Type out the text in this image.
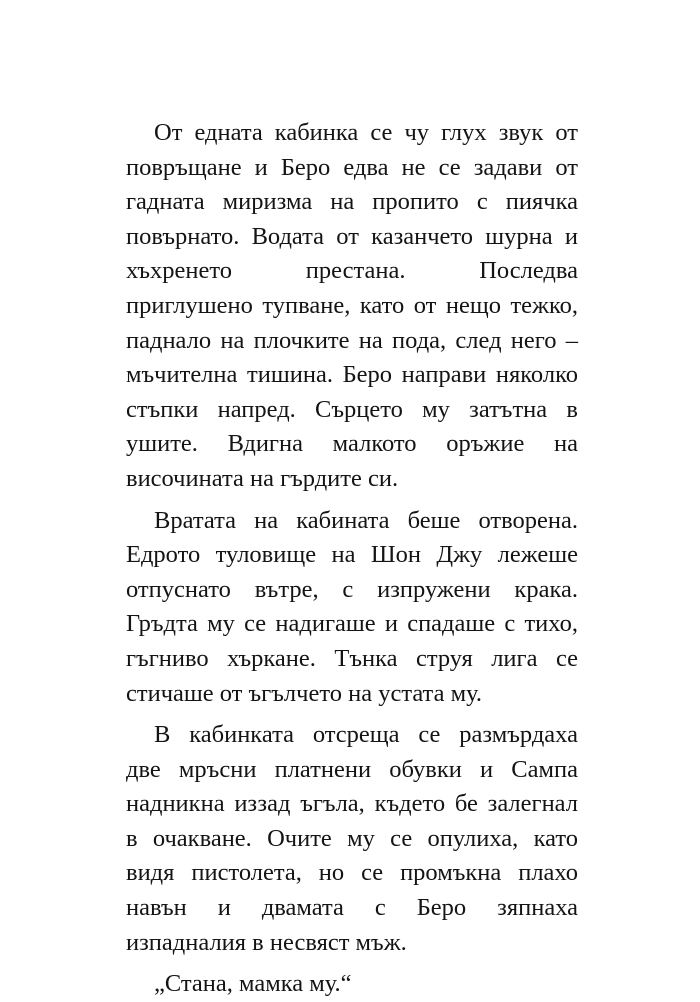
От едната кабинка се чу глух звук от
повръщане и Беро едва не се задави от
гадната миризма на пропито с пиячка
повърнато. Водата от казанчето шурна и
хъхренето престана. Последва
приглушено тупване, като от нещо тежко,
паднало на плочките на пода, след него –
мъчителна тишина. Беро направи няколко
стъпки напред. Сърцето му затътна в
ушите. Вдигна малкото оръжие на
височината на гърдите си.
Вратата на кабината беше отворена.
Едрото туловище на Шон Джу лежеше
отпуснато вътре, с изпружени крака.
Гръдта му се надигаше и спадаше с тихо,
гъгниво хъркане. Тънка струя лига се
стичаше от ъгълчето на устата му.
В кабинката отсреща се размърдаха
две мръсни платнени обувки и Сампа
надникна иззад ъгъла, където бе залегнал
в очакване. Очите му се опулиха, като
видя пистолета, но се промъкна плахо
навън и двамата с Беро зяпнаха
изпадналия в несвяст мъж.
„Стана, мамка му.“
